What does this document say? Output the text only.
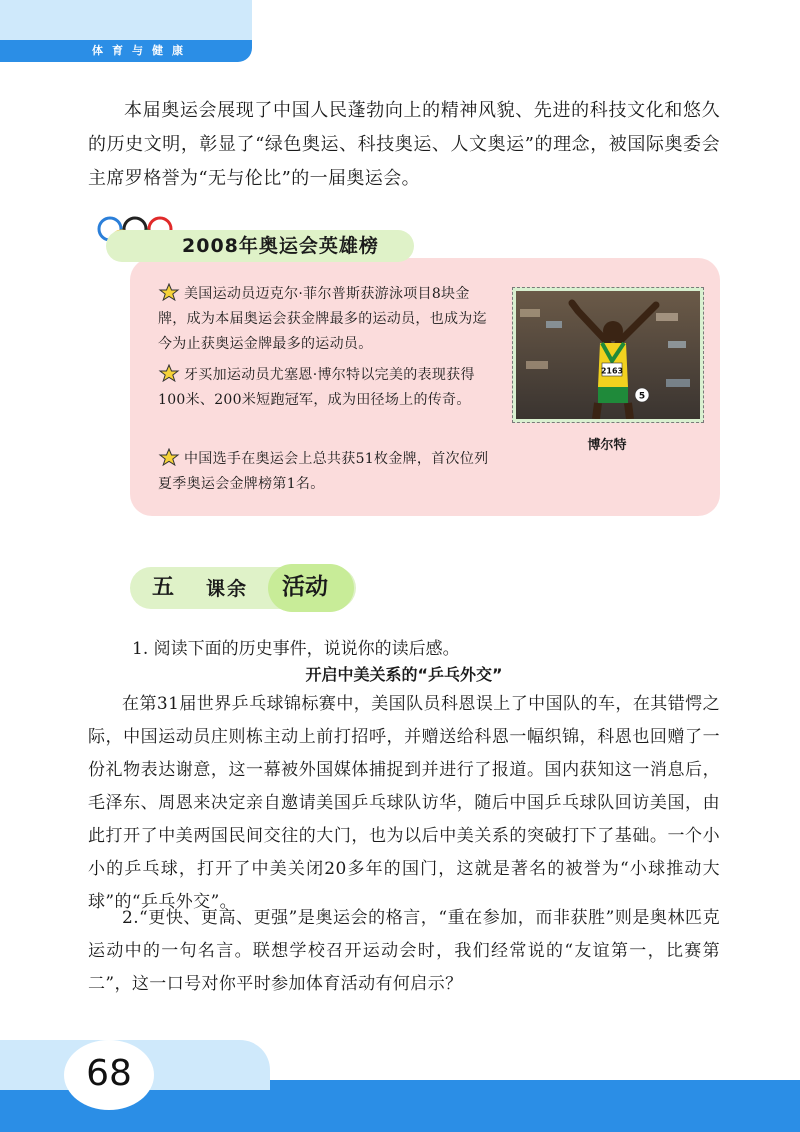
体育与健康

本届奥运会展现了中国人民蓬勃向上的精神风貌、先进的科技文化和悠久的历史文明，彰显了“绿色奥运、科技奥运、人文奥运”的理念，被国际奥委会主席罗格誉为“无与伦比”的一届奥运会。

2008年奥运会英雄榜

美国运动员迈克尔·菲尔普斯获游泳项目8块金牌，成为本届奥运会获金牌最多的运动员，也成为迄今为止获奥运金牌最多的运动员。

牙买加运动员尤塞恩·博尔特以完美的表现获得100米、200米短跑冠军，成为田径场上的传奇。

中国选手在奥运会上总共获51枚金牌，首次位列夏季奥运会金牌榜第1名。

2163
5
博尔特
五 课余 活动

1. 阅读下面的历史事件，说说你的读后感。

开启中美关系的“乒乓外交”

在第31届世界乒乓球锦标赛中，美国队员科恩误上了中国队的车，在其错愕之际，中国运动员庄则栋主动上前打招呼，并赠送给科恩一幅织锦，科恩也回赠了一份礼物表达谢意，这一幕被外国媒体捕捉到并进行了报道。国内获知这一消息后，毛泽东、周恩来决定亲自邀请美国乒乓球队访华，随后中国乒乓球队回访美国，由此打开了中美两国民间交往的大门，也为以后中美关系的突破打下了基础。一个小小的乒乓球，打开了中美关闭20多年的国门，这就是著名的被誉为“小球推动大球”的“乒乓外交”。

2.“更快、更高、更强”是奥运会的格言，“重在参加，而非获胜”则是奥林匹克运动中的一句名言。联想学校召开运动会时，我们经常说的“友谊第一，比赛第二”，这一口号对你平时参加体育活动有何启示？

68
